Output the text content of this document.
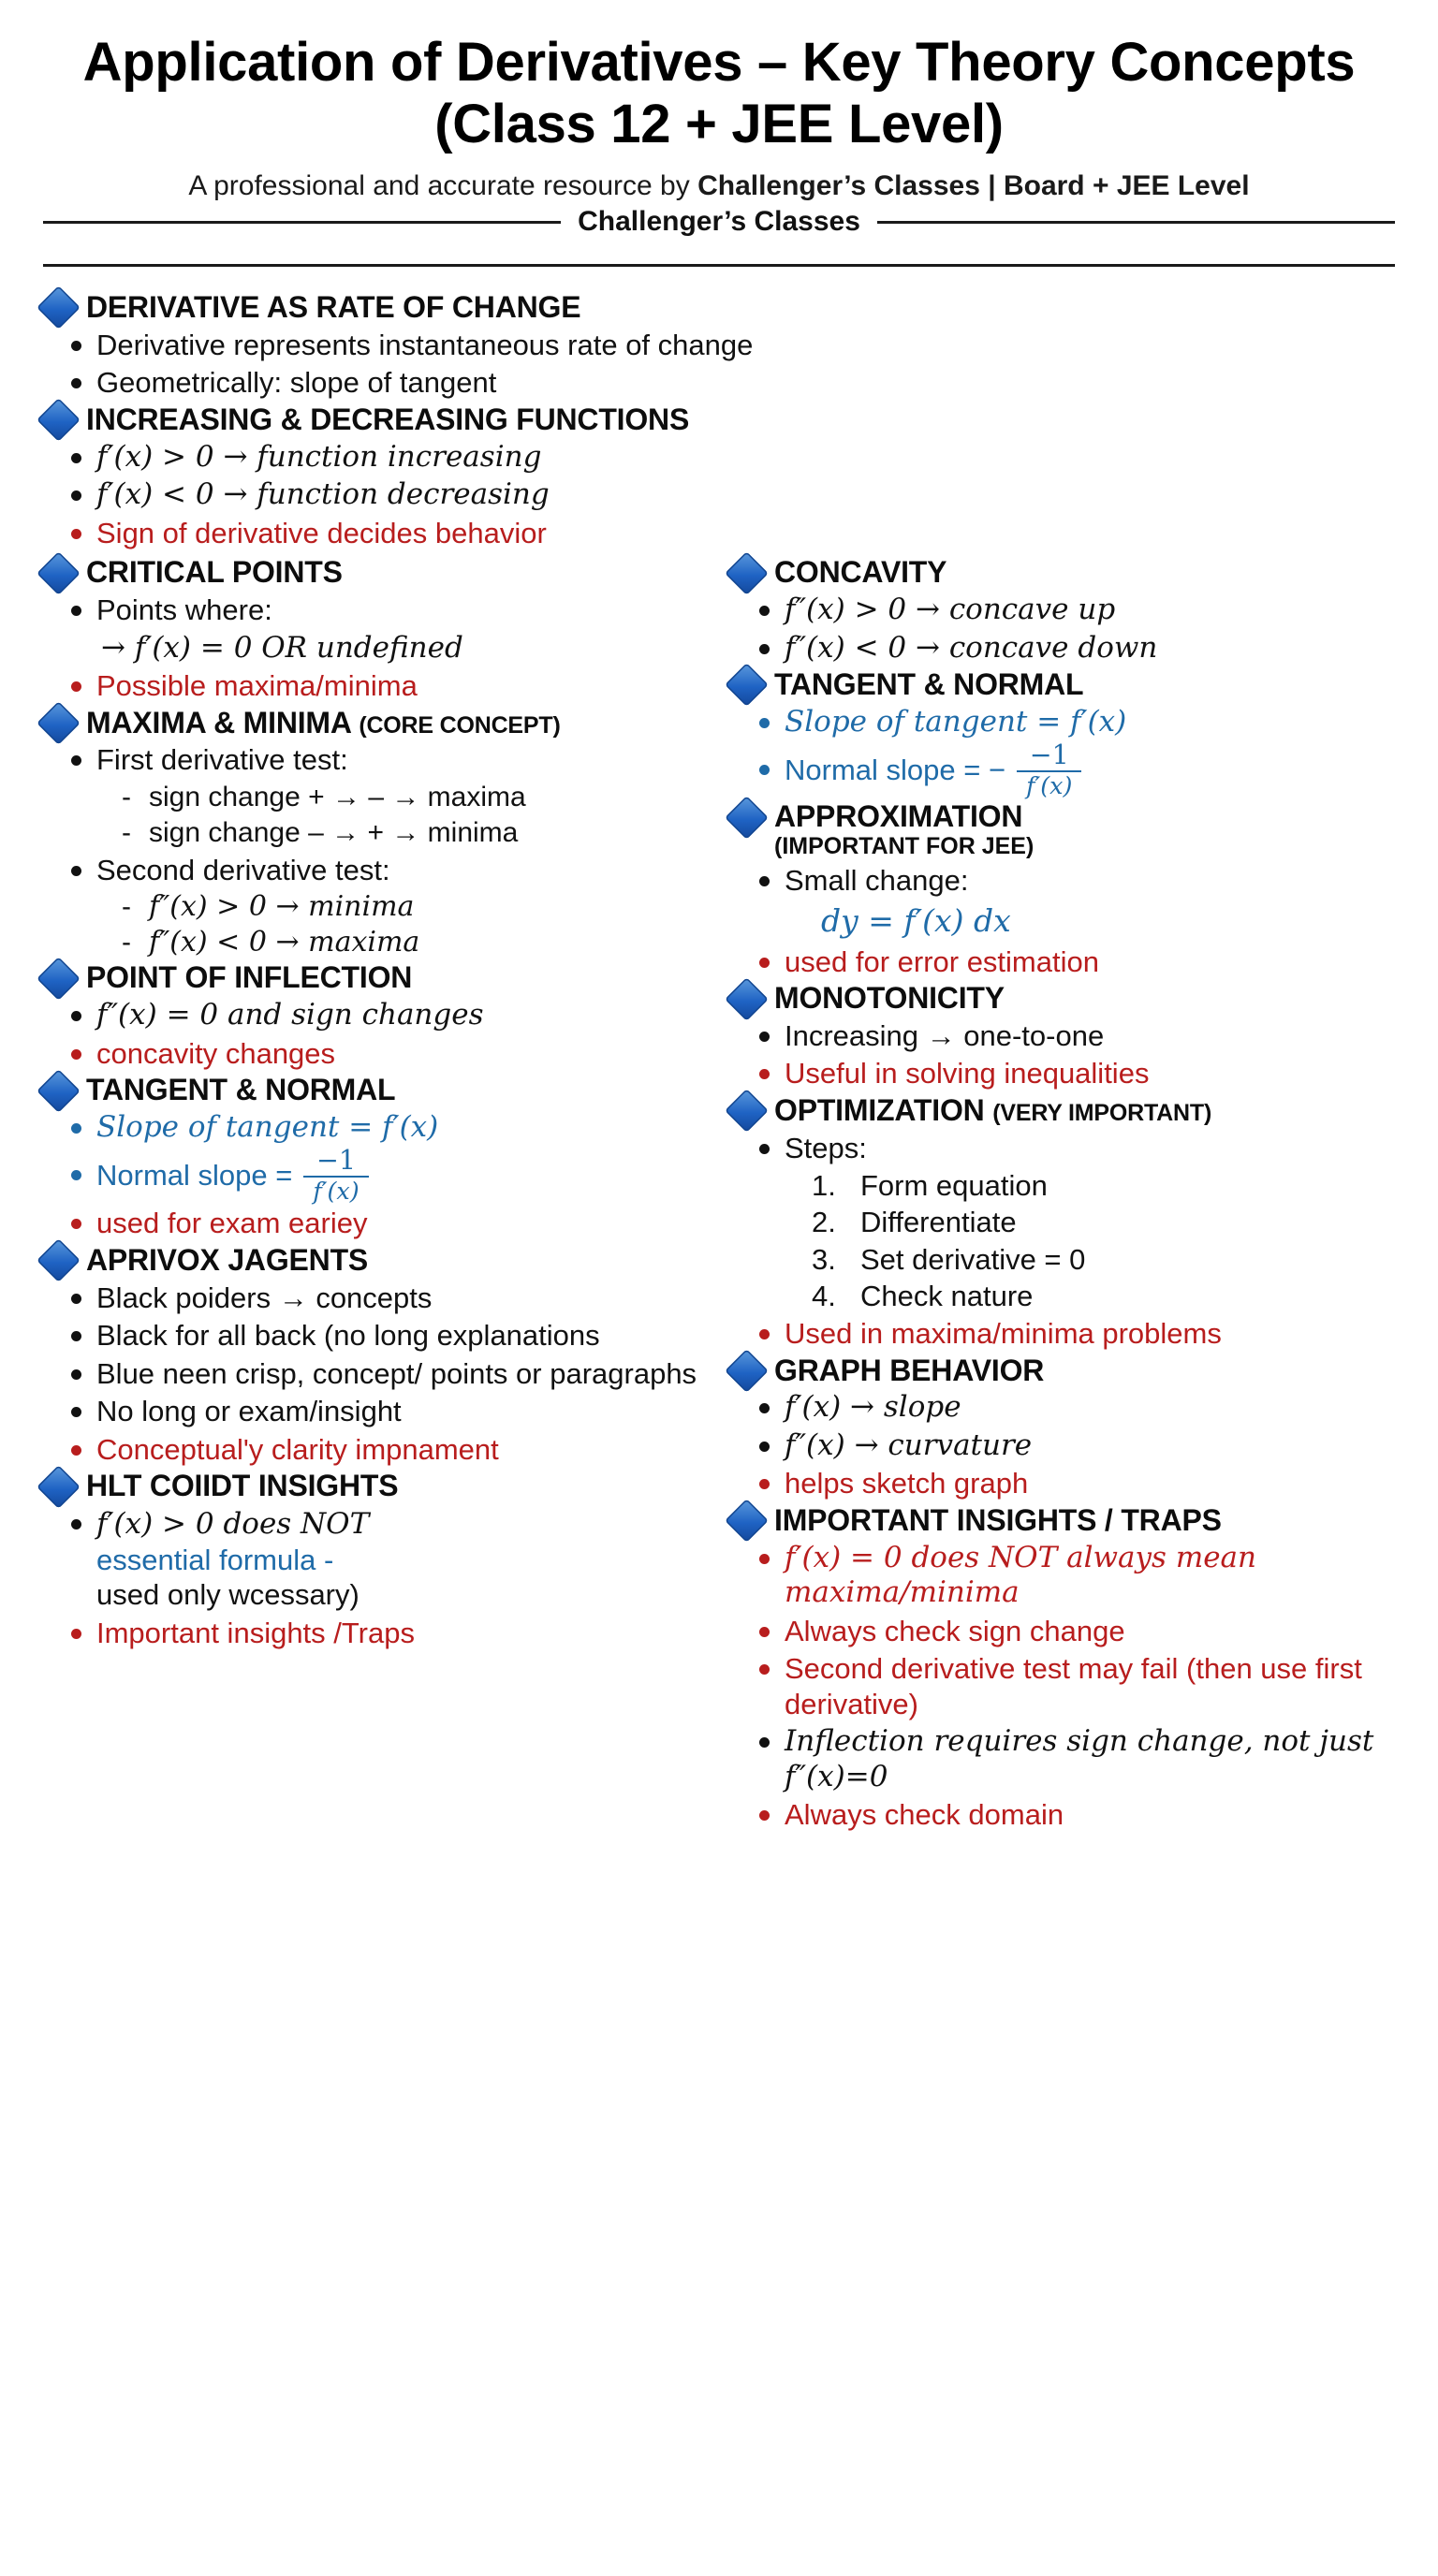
Application of Derivatives – Key Theory Concepts
(Class 12 + JEE Level)
A professional and accurate resource by Challenger’s Classes | Board + JEE Level
Challenger’s Classes
DERIVATIVE AS RATE OF CHANGE
Derivative represents instantaneous rate of change
Geometrically: slope of tangent
INCREASING & DECREASING FUNCTIONS
f′(x) > 0 → function increasing
f′(x) < 0 → function decreasing
Sign of derivative decides behavior
CRITICAL POINTS
Points where:
→ f′(x) = 0 OR undefined
Possible maxima/minima
MAXIMA & MINIMA (CORE CONCEPT)
First derivative test:
- sign change + → – → maxima
- sign change – → + → minima
Second derivative test:
- f″(x) > 0 → minima
- f″(x) < 0 → maxima
POINT OF INFLECTION
f″(x) = 0 and sign changes
concavity changes
TANGENT & NORMAL
Slope of tangent = f′(x)
Normal slope = $\frac{-1}{f'(x)}$
used for exam eariey
APRIVOX JAGENTS
Black poiders → concepts
Black for all back (no long explanations
Blue neen crisp, concept/ points or paragraphs
No long or exam/insight
Conceptual'y clarity impnament
HLT COIIDT INSIGHTS
f′(x) > 0 does NOT
essential formula -
used only wcessary)
Important insights /Traps
CONCAVITY
f″(x) > 0 → concave up
f″(x) < 0 → concave down
TANGENT & NORMAL
Slope of tangent = f′(x)
Normal slope = − $\frac{-1}{f'(x)}$
APPROXIMATION
(IMPORTANT FOR JEE)
Small change:
dy = f′(x) dx
used for error estimation
MONOTONICITY
Increasing → one-to-one
Useful in solving inequalities
OPTIMIZATION (VERY IMPORTANT)
Steps:
1. Form equation
2. Differentiate
3. Set derivative = 0
4. Check nature
Used in maxima/minima problems
GRAPH BEHAVIOR
f′(x) → slope
f″(x) → curvature
helps sketch graph
IMPORTANT INSIGHTS / TRAPS
f′(x) = 0 does NOT always mean maxima/minima
Always check sign change
Second derivative test may fail (then use first derivative)
Inflection requires sign change, not just f″(x)=0
Always check domain
